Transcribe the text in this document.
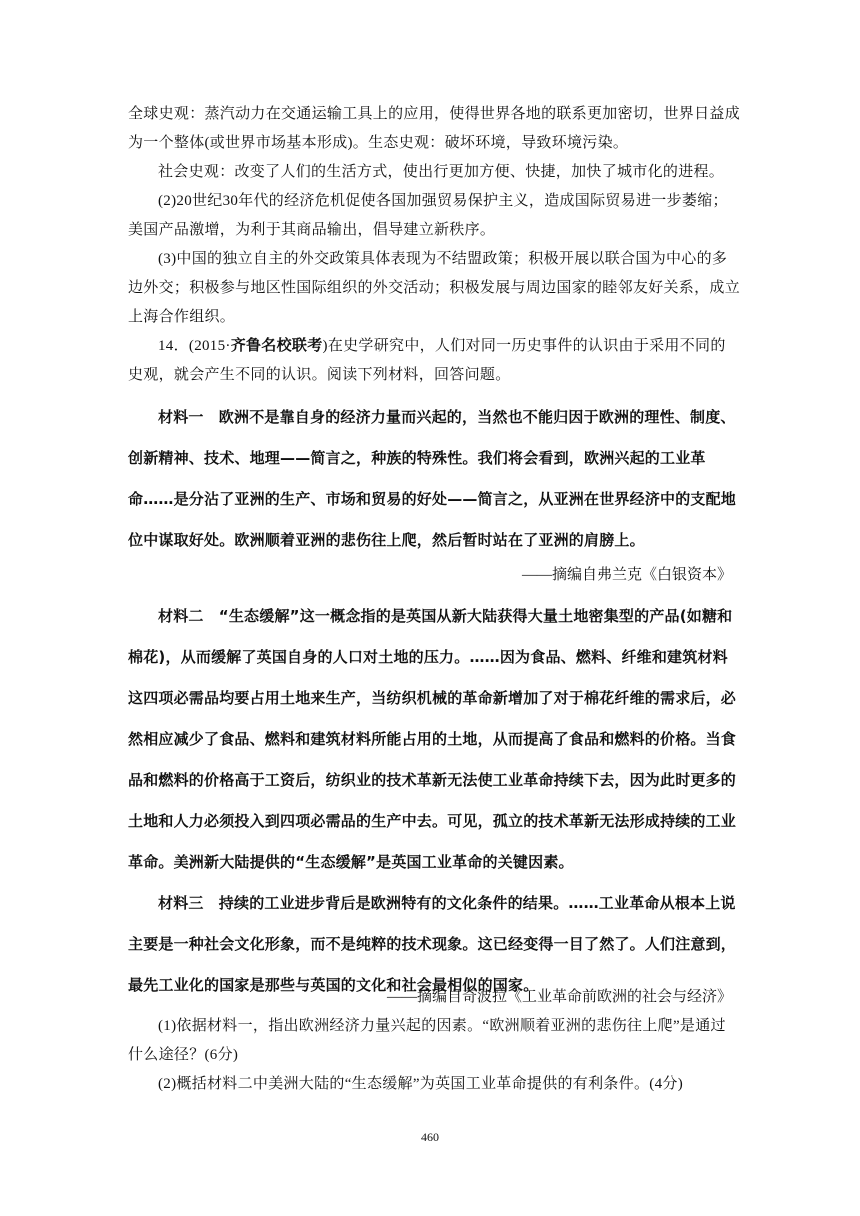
全球史观：蒸汽动力在交通运输工具上的应用，使得世界各地的联系更加密切，世界日益成为一个整体(或世界市场基本形成)。生态史观：破坏环境，导致环境污染。

社会史观：改变了人们的生活方式，使出行更加方便、快捷，加快了城市化的进程。

(2)20世纪30年代的经济危机促使各国加强贸易保护主义，造成国际贸易进一步萎缩；美国产品激增，为利于其商品输出，倡导建立新秩序。

(3)中国的独立自主的外交政策具体表现为不结盟政策；积极开展以联合国为中心的多边外交；积极参与地区性国际组织的外交活动；积极发展与周边国家的睦邻友好关系，成立上海合作组织。

14．(2015·齐鲁名校联考)在史学研究中，人们对同一历史事件的认识由于采用不同的史观，就会产生不同的认识。阅读下列材料，回答问题。

材料一　欧洲不是靠自身的经济力量而兴起的，当然也不能归因于欧洲的理性、制度、创新精神、技术、地理——简言之，种族的特殊性。我们将会看到，欧洲兴起的工业革命……是分沾了亚洲的生产、市场和贸易的好处——简言之，从亚洲在世界经济中的支配地位中谋取好处。欧洲顺着亚洲的悲伤往上爬，然后暂时站在了亚洲的肩膀上。

——摘编自弗兰克《白银资本》

材料二　“生态缓解”这一概念指的是英国从新大陆获得大量土地密集型的产品(如糖和棉花)，从而缓解了英国自身的人口对土地的压力。……因为食品、燃料、纤维和建筑材料这四项必需品均要占用土地来生产，当纺织机械的革命新增加了对于棉花纤维的需求后，必然相应减少了食品、燃料和建筑材料所能占用的土地，从而提高了食品和燃料的价格。当食品和燃料的价格高于工资后，纺织业的技术革新无法使工业革命持续下去，因为此时更多的土地和人力必须投入到四项必需品的生产中去。可见，孤立的技术革新无法形成持续的工业革命。美洲新大陆提供的“生态缓解”是英国工业革命的关键因素。

材料三　持续的工业进步背后是欧洲特有的文化条件的结果。……工业革命从根本上说主要是一种社会文化形象，而不是纯粹的技术现象。这已经变得一目了然了。人们注意到，最先工业化的国家是那些与英国的文化和社会最相似的国家。

——摘编自奇波拉《工业革命前欧洲的社会与经济》

(1)依据材料一，指出欧洲经济力量兴起的因素。“欧洲顺着亚洲的悲伤往上爬”是通过什么途径？(6分)

(2)概括材料二中美洲大陆的“生态缓解”为英国工业革命提供的有利条件。(4分)

460
